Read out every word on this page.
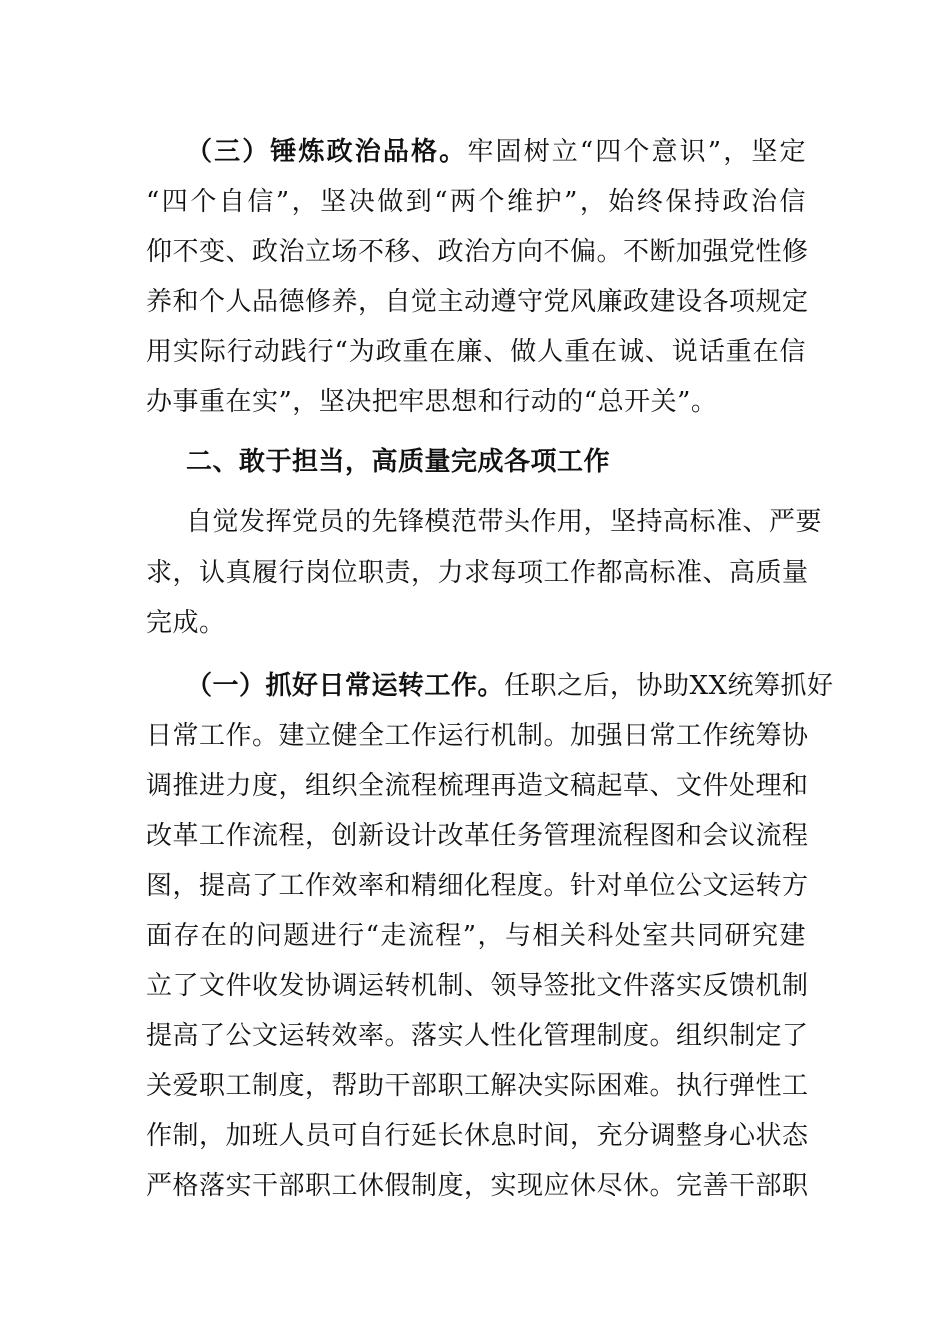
（三）锤炼政治品格。牢固树立“四个意识”，坚定
“四个自信”，坚决做到“两个维护”，始终保持政治信
仰不变、政治立场不移、政治方向不偏。不断加强党性修
养和个人品德修养，自觉主动遵守党风廉政建设各项规定
用实际行动践行“为政重在廉、做人重在诚、说话重在信
办事重在实”，坚决把牢思想和行动的“总开关”。
二、敢于担当，高质量完成各项工作
自觉发挥党员的先锋模范带头作用，坚持高标准、严要
求，认真履行岗位职责，力求每项工作都高标准、高质量
完成。
（一）抓好日常运转工作。任职之后，协助XX统筹抓好
日常工作。建立健全工作运行机制。加强日常工作统筹协
调推进力度，组织全流程梳理再造文稿起草、文件处理和
改革工作流程，创新设计改革任务管理流程图和会议流程
图，提高了工作效率和精细化程度。针对单位公文运转方
面存在的问题进行“走流程”，与相关科处室共同研究建
立了文件收发协调运转机制、领导签批文件落实反馈机制
提高了公文运转效率。落实人性化管理制度。组织制定了
关爱职工制度，帮助干部职工解决实际困难。执行弹性工
作制，加班人员可自行延长休息时间，充分调整身心状态
严格落实干部职工休假制度，实现应休尽休。完善干部职
